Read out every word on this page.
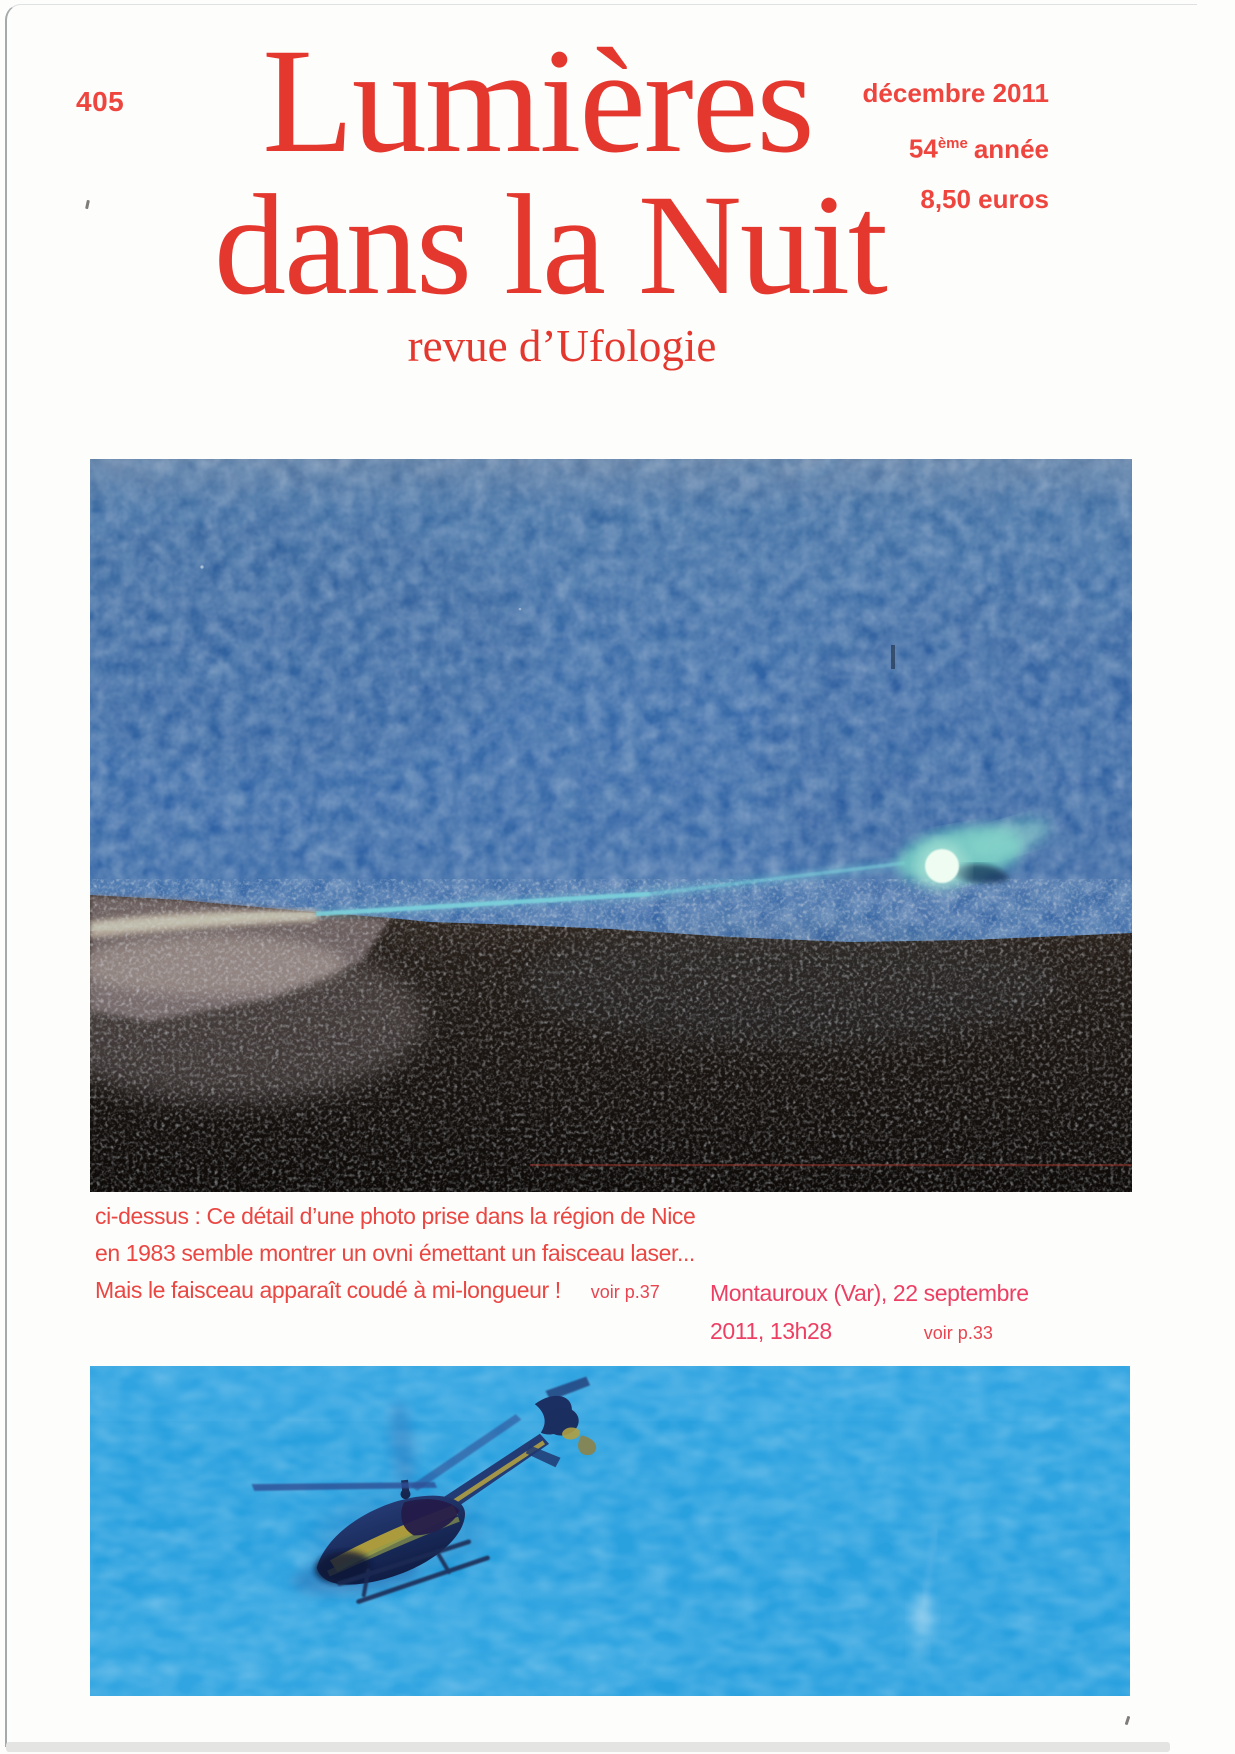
405 Lumières
dans la Nuit
revue d’Ufologie
décembre 2011
54ème année
8,50 euros
ci-dessus : Ce détail d’une photo prise dans la région de Nice
en 1983 semble montrer un ovni émettant un faisceau laser...
Mais le faisceau apparaît coudé à mi-longueur ! voir p.37	Montauroux (Var), 22 septembre
2011, 13h28	voir p.33
